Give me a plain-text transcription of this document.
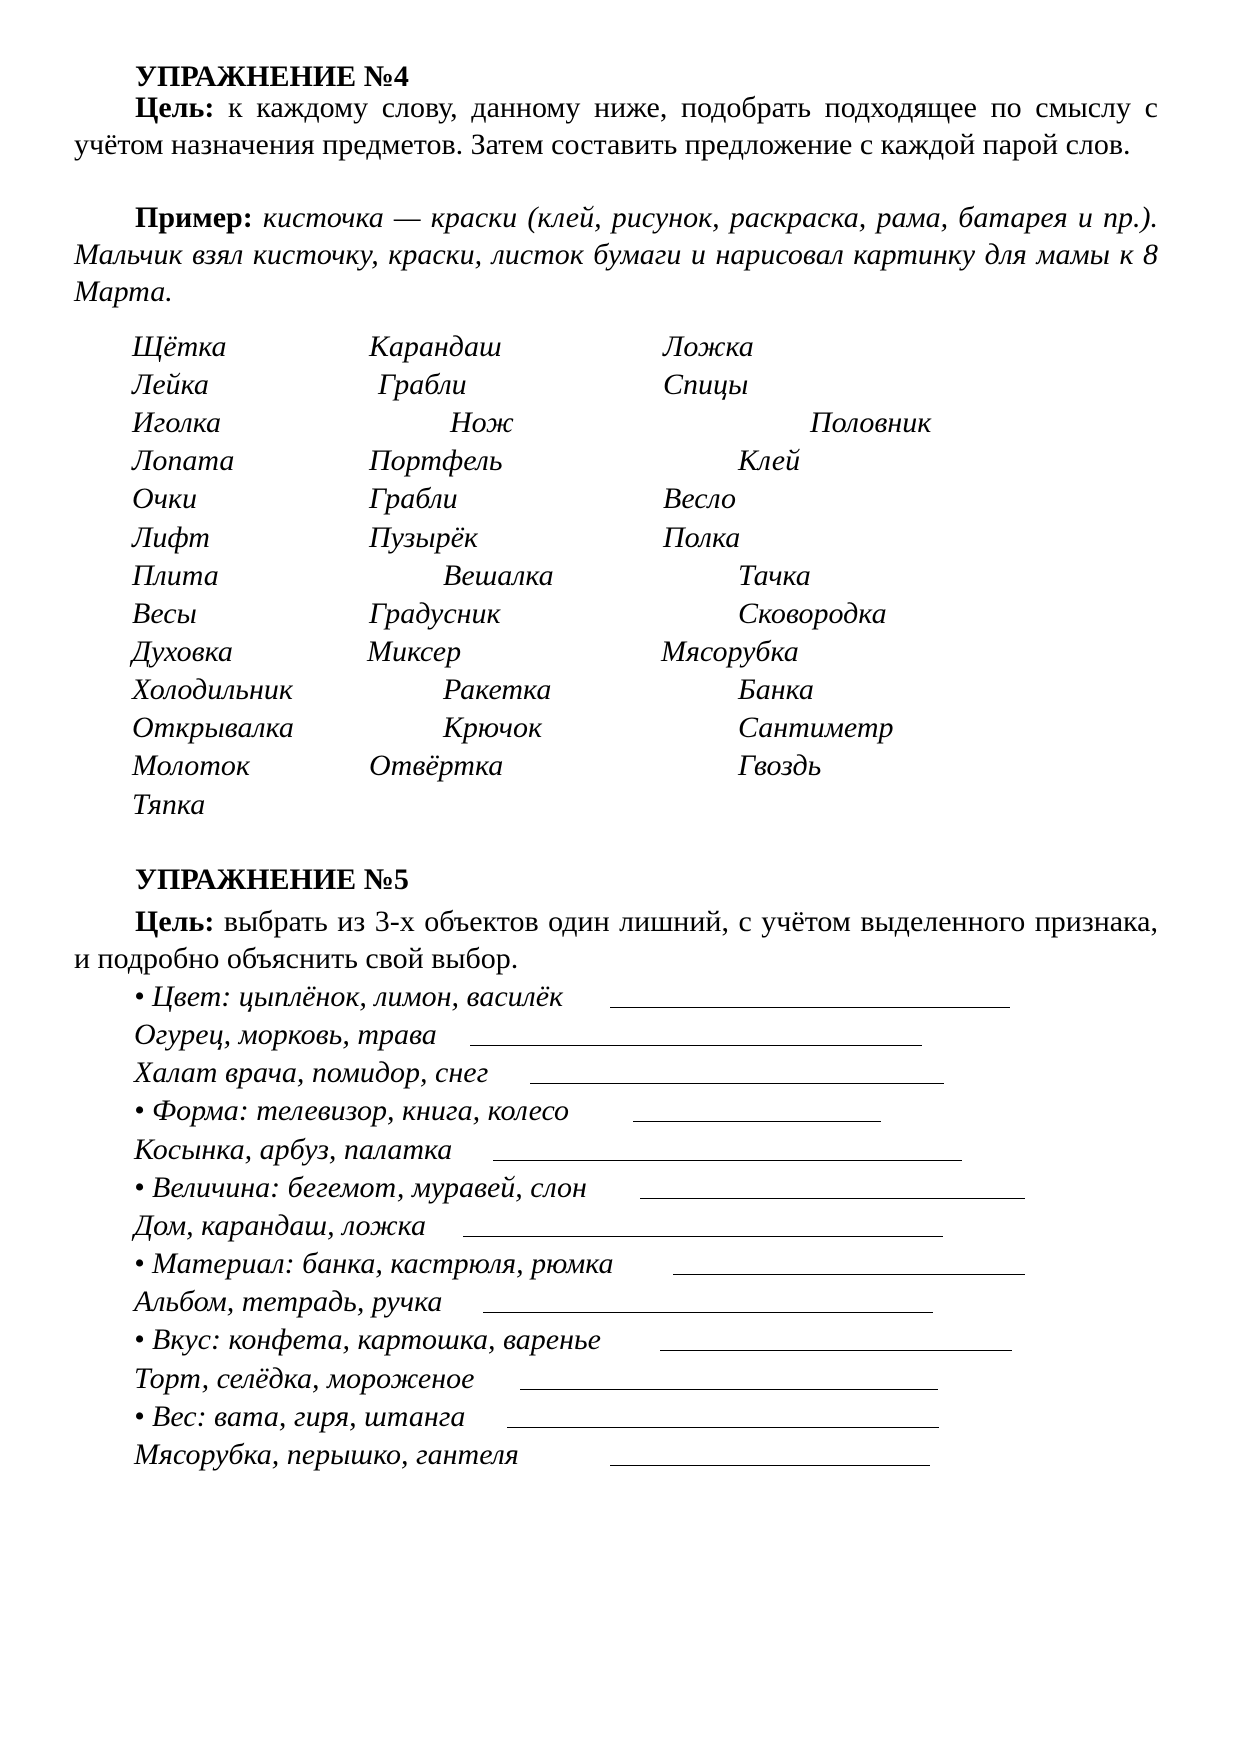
УПРАЖНЕНИЕ №4
Цель: к каждому слову, данному ниже, подобрать подходящее по смыслу с учётом назначения предметов. Затем составить предложение с каждой парой слов.
Пример: кисточка — краски (клей, рисунок, раскраска, рама, батарея и пр.). Мальчик взял кисточку, краски, листок бумаги и нарисовал картинку для мамы к 8 Марта.
Щётка	Карандаш	Ложка
Лейка	Грабли	Спицы
Иголка	Нож	Половник
Лопата	Портфель	Клей
Очки	Грабли	Весло
Лифт	Пузырёк	Полка
Плита	Вешалка	Тачка
Весы	Градусник	Сковородка
Духовка	Миксер	Мясорубка
Холодильник	Ракетка	Банка
Открывалка	Крючок	Сантиметр
Молоток	Отвёртка	Гвоздь
Тяпка
УПРАЖНЕНИЕ №5
Цель: выбрать из 3-х объектов один лишний, с учётом выделенного признака, и подробно объяснить свой выбор.
• Цвет: цыплёнок, лимон, василёк
Огурец, морковь, трава
Халат врача, помидор, снег
• Форма: телевизор, книга, колесо
Косынка, арбуз, палатка
• Величина: бегемот, муравей, слон
Дом, карандаш, ложка
• Материал: банка, кастрюля, рюмка
Альбом, тетрадь, ручка
• Вкус: конфета, картошка, варенье
Торт, селёдка, мороженое
• Вес: вата, гиря, штанга
Мясорубка, перышко, гантеля
